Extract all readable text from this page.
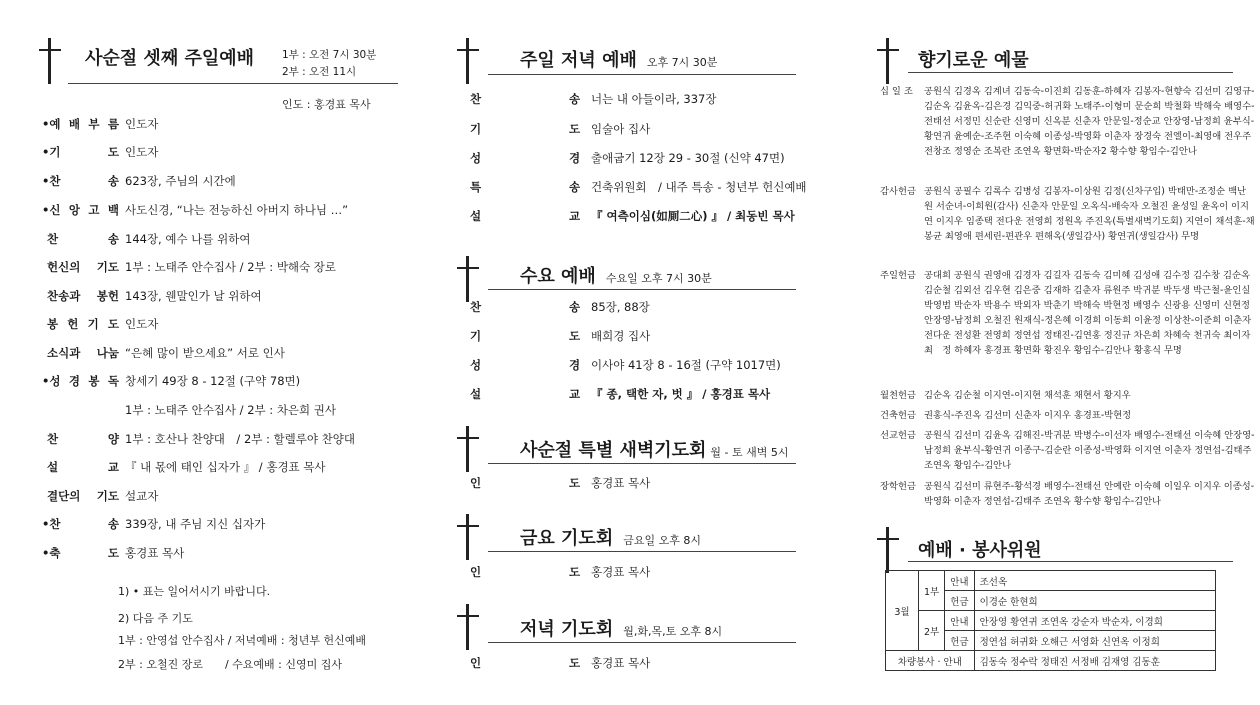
사순절 셋째 주일예배	1부 : 오전 7시 30분
2부 : 오전 11시
인도 : 홍경표 목사
•예 배 부 름 인도자
•기　　　도 인도자
•찬　　　송 623장, 주님의 시간에
•신 앙 고 백 사도신경, “나는 전능하신 아버지 하나님 …”
찬　　　송 144장, 예수 나를 위하여
헌신의 기도 1부 : 노태주 안수집사 / 2부 : 박해숙 장로
찬송과 봉헌 143장, 웬말인가 날 위하여
봉 헌 기 도 인도자
소식과 나눔 “은혜 많이 받으세요” 서로 인사
•성 경 봉 독 창세기 49장 8 - 12절 (구약 78면)
1부 : 노태주 안수집사 / 2부 : 차은희 권사
찬　　　양 1부 : 호산나 찬양대　/ 2부 : 할렐루야 찬양대
설　　　교 『 내 몫에 태인 십자가 』 / 홍경표 목사
결단의 기도 설교자
•찬　　　송 339장, 내 주님 지신 십자가
•축　　　도 홍경표 목사
1) • 표는 일어서시기 바랍니다.
2) 다음 주 기도
1부 : 안영섭 안수집사 / 저녁예배 : 청년부 헌신예배
2부 : 오철진 장로　　/ 수요예배 : 신영미 집사
주일 저녁 예배 오후 7시 30분
찬	송 너는 내 아들이라, 337장
기	도 임술아 집사
성	경 출애굽기 12장 29 - 30절 (신약 47면)
특	송 건축위원회　/ 내주 특송 - 청년부 헌신예배
설	교 『 여측이심(如厠二心) 』 / 최동빈 목사
수요 예배 수요일 오후 7시 30분
찬	송 85장, 88장
기	도 배희경 집사
성	경 이사야 41장 8 - 16절 (구약 1017면)
설	교 『 종, 택한 자, 벗 』 / 홍경표 목사
사순절 특별 새벽기도회 월 - 토 새벽 5시
인	도 홍경표 목사
금요 기도회 금요일 오후 8시
인	도 홍경표 목사
저녁 기도회 월,화,목,토 오후 8시
인	도 홍경표 목사
향기로운 예물
십 일 조	공원식 김경옥 김계녀 김동숙-이진희 김동훈-하혜자 김봉자-현향숙 김선미 김영규-김순옥 김윤옥-김은경 김익중-허귀화 노태주-이형미 문순희 박철화 박해숙 배영수-전태선 서정민 신순란 신영미 신옥분 신춘자 안문일-정순교 안장영-남정희 윤부식-황연귀 윤예순-조주현 이숙혜 이종성-박영화 이춘자 장경숙 전엘이-최영애 전우주 전창조 정영순 조복란 조연옥 황면화-박순자2 황수향 황임수-김안나
감사헌금 공원식 공필수 김록수 김병성 김봉자-이상원 김정(신차구입) 박태만-조정순 백난원 서순녀-이희원(감사) 신춘자 안문일 오옥식-배숙자 오철진 윤성일 윤옥이 이지연 이지우 임종택 전다운 전영희 정원옥 주진옥(특별새벽기도회) 지연이 채석훈-채봉균 최영애 편세린-편관우 편해옥(생일감사) 황연귀(생일감사) 무명
주일헌금 공대희 공원식 권영애 김경자 김길자 김동숙 김미혜 김성애 김수정 김수창 김순옥 김순철 김외선 김우현 김은중 김재하 김춘자 류원주 박귀분 박두생 박근철-윤인실 박영범 박순자 박용수 박외자 박춘기 박해숙 박현정 배영수 신광용 신영미 신현정 안장영-남정희 오철진 원재식-정은혜 이경희 이동희 이윤정 이상찬-이준희 이춘자 전다운 전성환 전영희 정연섭 정태진-김연홍 정진규 차은희 차혜숙 천귀숙 최이자 최　정 하혜자 홍경표 황면화 황진우 황임수-김안나 황홍식 무명
월천헌금 김순옥 김순철 이지연-이지현 채석훈 채현서 황지우
건축헌금 권홍식-주진옥 김선미 신춘자 이지우 홍경표-박현정
선교헌금 공원식 김선미 김윤옥 김해진-박귀분 박병수-이선자 배영수-전태선 이숙혜 안장영-남정희 윤부식-황연귀 이종구-김순란 이종성-박영화 이지연 이춘자 정연섭-김태주 조연옥 황임수-김안나
장학헌금 공원식 김선미 류현주-황석경 배영수-전태선 안예란 이숙혜 이일우 이지우 이종성-박영화 이춘자 정연섭-김태주 조연옥 황수향 황임수-김안나
예배 · 봉사위원
3월	1부	안내	조선옥
		헌금	이경순 한현희
	2부	안내	안장영 황연귀 조연옥 강순자 박순자, 이경희
		헌금	정연섭 허귀화 오해근 서영화 신연옥 이정희
차량봉사 · 안내			김동숙 정수락 정태진 서정배 김재영 김동훈
